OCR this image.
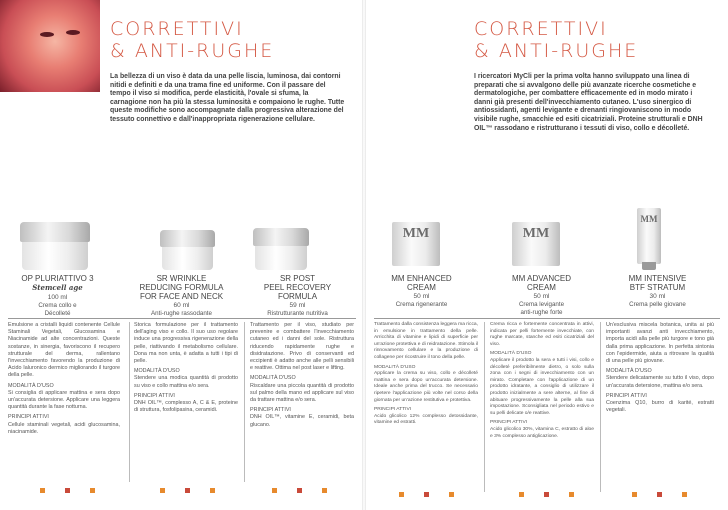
CORRETTIVI
& ANTI-RUGHE

La bellezza di un viso è data da una pelle liscia, luminosa, dai contorni nitidi e definiti e da una trama fine ed uniforme. Con il passare del tempo il viso si modifica, perde elasticità, l'ovale si sfuma, la carnagione non ha più la stessa luminosità e compaiono le rughe. Tutte queste modifiche sono accompagnate dalla progressiva alterazione del tessuto connettivo e dall'inappropriata rigenerazione cellulare.

OP PLURIATTIVO 3
Stemcell age
100 ml
Crema collo e
Décolleté
SR WRINKLE
REDUCING FORMULA
FOR FACE AND NECK
60 ml
Anti-rughe rassodante
SR POST
PEEL RECOVERY
FORMULA
59 ml
Ristrutturante nutritiva

Emulsione a cristalli liquidi contenente Cellule Staminali Vegetali, Glucosamina e Niacinamide ad alte concentrazioni. Queste sostanze, in sinergia, favoriscono il recupero strutturale del derma, rallentano l'invecchiamento favorendo la produzione di Acido Ialuronico dermico migliorando il turgore della pelle.

MODALITÀ D'USO

Si consiglia di applicare mattina e sera dopo un'accurata detersione. Applicare una leggera quantità durante la fase notturna.

PRINCIPI ATTIVI

Cellule staminali vegetali, acidi glucosamina, niacinamide.

Storica formulazione per il trattamento dell'aging viso e collo. Il suo uso regolare induce una progressiva rigenerazione della pelle, riattivando il metabolismo cellulare. Dona ma non unta, è adatta a tutti i tipi di pelle.

MODALITÀ D'USO

Stendere una modica quantità di prodotto su viso e collo mattina e/o sera.

PRINCIPI ATTIVI

DNH OIL™, complesso A, C & E, proteine di struttura, fosfolipasina, ceramidi.

Trattamento per il viso, studiato per prevenire e combattere l'invecchiamento cutaneo ed i danni del sole. Ristruttura riducendo rapidamente rughe e disidratazione. Privo di conservanti ed eccipienti è adatto anche alle pelli sensibili e reattive. Ottima nel post laser e lifting.

MODALITÀ D'USO

Riscaldare una piccola quantità di prodotto sul palmo della mano ed applicare sul viso da trattare mattina e/o sera.

PRINCIPI ATTIVI

DNH OIL™, vitamine E, ceramidi, beta glucano.

CORRETTIVI
& ANTI-RUGHE

I ricercatori MyCli per la prima volta hanno sviluppato una linea di preparati che si avvalgono delle più avanzate ricerche cosmetiche e dermatologiche, per combattere efficacemente ed in modo mirato i danni già presenti dell'invecchiamento cutaneo. L'uso sinergico di antiossidanti, agenti levigante e drenanti ringiovaniscono in modo visibile rughe, smacchie ed esiti cicatriziali. Proteine strutturali e DNH OIL™ rassodano e ristrutturano i tessuti di viso, collo e décolleté.

MM	MM
MM
MM ENHANCED
CREAM
50 ml
Crema rigenerante
MM ADVANCED
CREAM
50 ml
Crema levigante
anti-rughe forte
MM INTENSIVE
BTF STRATUM
30 ml
Crema pelle giovane

Trattamento dalla consistenza leggera ma ricca, in emulsione in trattamento della pelle. Arricchita di vitamine e lipidi di superficie per un'azione protettiva e di reidratazione. Stimola il rinnovamento cellulare e la produzione di collagene per ricostruire il tono della pelle.

MODALITÀ D'USO

Applicare la crema su viso, collo e décolleté mattina e sera dopo un'accurata detersione. Ideale anche prima del trucco. Se necessario ripetere l'applicazione più volte nel corso della giornata per un'azione restitutiva e protettiva.

PRINCIPI ATTIVI

Acido glicolico 12% complesso detossidante, vitamine ed estratti.

Crema ricca e fortemente concentrata in attivi, indicata per pelli fortemente invecchiate, con rughe marcate, stanche ed esiti cicatriziali del viso.

MODALITÀ D'USO

Applicare il prodotto la sera e tutti i visi, collo e décolleté preferibilmente dietro, o solo sulla zona con i segni di invecchiamento con un mirato. Completare con l'applicazione di un prodotto idratante, a consiglio di utilizzare il prodotto inizialmente a sere alterne, al fine di abituare progressivamente la pelle alla sua impostazione. Sconsigliata nel periodo estivo e su pelli delicate o/e reattive.

PRINCIPI ATTIVI

Acido glicolico 30%, vitamina C, estratto di aloe e 3% complesso antiglicazione.

Un'esclusiva miscela botanica, unita ai più importanti avanzi anti invecchiamento, importa acidi alla pelle più turgore e tono già dalla prima applicazione. In perfetta sintonia con l'epidermide, aiuta a ritrovare la qualità di una pelle più giovane.

MODALITÀ D'USO

Stendere delicatamente su tutto il viso, dopo un'accurata detersione, mattina e/o sera.

PRINCIPI ATTIVI

Coenzima Q10, burro di karité, estratti vegetali.
